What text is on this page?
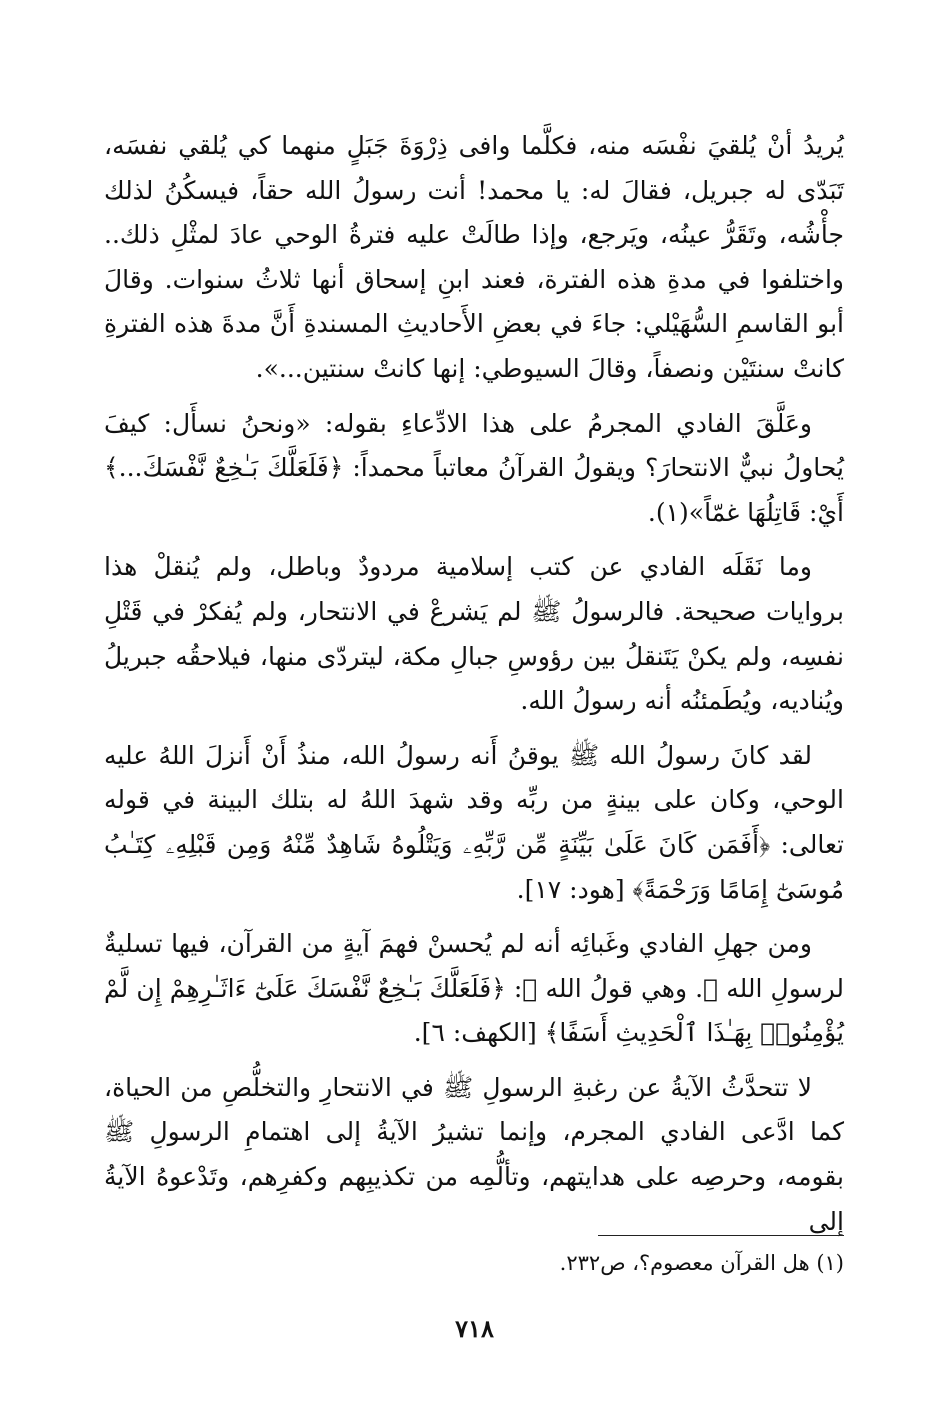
يُريدُ أنْ يُلقيَ نفْسَه منه، فكلَّما وافى ذِرْوَةَ جَبَلٍ منهما كي يُلقي نفسَه، تَبَدّى له جبريل، فقالَ له: يا محمد! أنت رسولُ الله حقاً، فيسكُنُ لذلك جأْشُه، وتَقَرُّ عينُه، ويَرجع، وإذا طالَتْ عليه فترةُ الوحي عادَ لمثْلِ ذلك.. واختلفوا في مدةِ هذه الفترة، فعند ابنِ إسحاق أنها ثلاثُ سنوات. وقالَ أبو القاسمِ السُّهَيْلي: جاءَ في بعضِ الأَحاديثِ المسندةِ أَنَّ مدةَ هذه الفترةِ كانتْ سنتَيْن ونصفاً، وقالَ السيوطي: إنها كانتْ سنتين...».

وعَلَّقَ الفادي المجرمُ على هذا الادِّعاءِ بقوله: «ونحنُ نسأَل: كيفَ يُحاولُ نبيٌّ الانتحارَ؟ ويقولُ القرآنُ معاتباً محمداً: ﴿فَلَعَلَّكَ بَـٰخِعٌ نَّفْسَكَ...﴾ أَيْ: قَاتِلُهَا غمّاً»(١).

وما نَقَلَه الفادي عن كتب إسلامية مردودٌ وباطل، ولم يُنقلْ هذا بروايات صحيحة. فالرسولُ ﷺ لم يَشرعْ في الانتحار، ولم يُفكرْ في قَتْلِ نفسِه، ولم يكنْ يَتَنقلُ بين رؤوسِ جبالِ مكة، ليتردّى منها، فيلاحقُه جبريلُ ويُناديه، ويُطَمئنُه أنه رسولُ الله.

لقد كانَ رسولُ الله ﷺ يوقنُ أَنه رسولُ الله، منذُ أَنْ أَنزلَ اللهُ عليه الوحي، وكان على بينةٍ من ربِّه وقد شهدَ اللهُ له بتلك البينة في قوله تعالى: ﴿أَفَمَن كَانَ عَلَىٰ بَيِّنَةٍ مِّن رَّبِّهِۦ وَيَتْلُوهُ شَاهِدٌ مِّنْهُ وَمِن قَبْلِهِۦ كِتَـٰبُ مُوسَىٰٓ إِمَامًا وَرَحْمَةً﴾ [هود: ١٧].

ومن جهلِ الفادي وغَبائِه أنه لم يُحسنْ فهمَ آيةٍ من القرآن، فيها تسليةٌ لرسولِ الله ﷺ. وهي قولُ الله ﷻ: ﴿فَلَعَلَّكَ بَـٰخِعٌ نَّفْسَكَ عَلَىٰٓ ءَاثَـٰرِهِمْ إِن لَّمْ يُؤْمِنُوا۟ بِهَـٰذَا ٱلْحَدِيثِ أَسَفًا﴾ [الكهف: ٦].

لا تتحدَّثُ الآيةُ عن رغبةِ الرسولِ ﷺ في الانتحارِ والتخلُّصِ من الحياة، كما ادَّعى الفادي المجرم، وإنما تشيرُ الآيةُ إلى اهتمامِ الرسولِ ﷺ بقومه، وحرصِه على هدايتهم، وتألُّمِه من تكذيبِهم وكفرِهم، وتَدْعوهُ الآيةُ إلى

(١) هل القرآن معصوم؟، ص٢٣٢.
٧١٨
